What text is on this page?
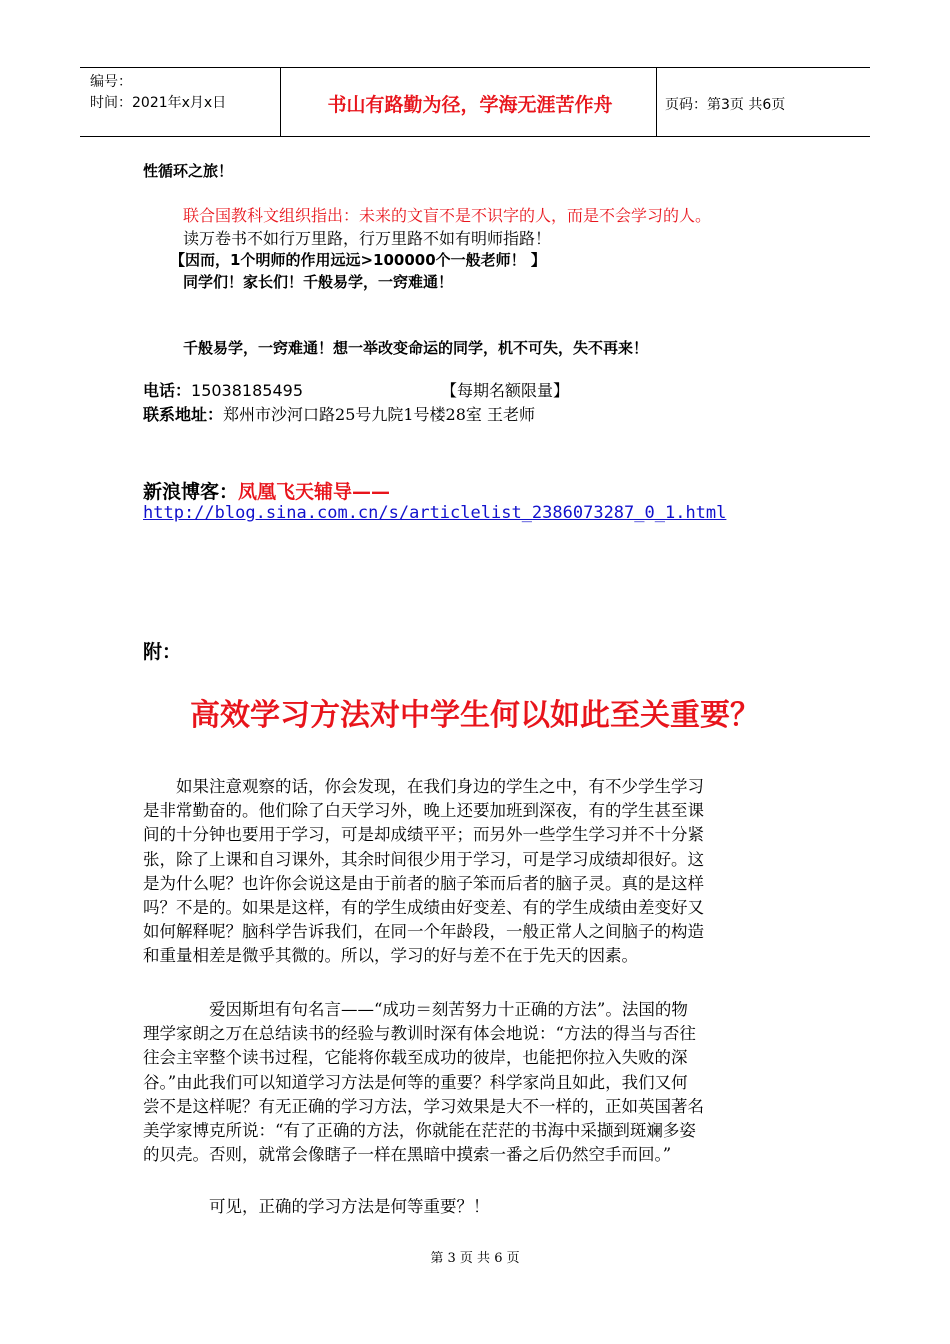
编号：
时间：2021年x月x日	书山有路勤为径，学海无涯苦作舟	页码：第3页 共6页
性循环之旅！
联合国教科文组织指出：未来的文盲不是不识字的人，而是不会学习的人。
读万卷书不如行万里路，行万里路不如有明师指路！
【因而，1个明师的作用远远>100000个一般老师！ 】
同学们！家长们！千般易学，一窍难通！
千般易学，一窍难通！想一举改变命运的同学，机不可失，失不再来！
电话：15038185495	【每期名额限量】
联系地址：郑州市沙河口路25号九院1号楼28室 王老师
新浪博客：凤凰飞天辅导——
http://blog.sina.com.cn/s/articlelist_2386073287_0_1.html
附：
高效学习方法对中学生何以如此至关重要？
　　如果注意观察的话，你会发现，在我们身边的学生之中，有不少学生学习
是非常勤奋的。他们除了白天学习外，晚上还要加班到深夜，有的学生甚至课
间的十分钟也要用于学习，可是却成绩平平；而另外一些学生学习并不十分紧
张，除了上课和自习课外，其余时间很少用于学习，可是学习成绩却很好。这
是为什么呢？也许你会说这是由于前者的脑子笨而后者的脑子灵。真的是这样
吗？不是的。如果是这样，有的学生成绩由好变差、有的学生成绩由差变好又
如何解释呢？脑科学告诉我们，在同一个年龄段，一般正常人之间脑子的构造
和重量相差是微乎其微的。所以，学习的好与差不在于先天的因素。
　　　　爱因斯坦有句名言——“成功＝刻苦努力十正确的方法”。法国的物
理学家朗之万在总结读书的经验与教训时深有体会地说：“方法的得当与否往
往会主宰整个读书过程，它能将你载至成功的彼岸，也能把你拉入失败的深
谷。”由此我们可以知道学习方法是何等的重要？科学家尚且如此，我们又何
尝不是这样呢？有无正确的学习方法，学习效果是大不一样的，正如英国著名
美学家博克所说：“有了正确的方法，你就能在茫茫的书海中采撷到斑斓多姿
的贝壳。否则，就常会像瞎子一样在黑暗中摸索一番之后仍然空手而回。”
　　　　可见，正确的学习方法是何等重要？！
第 3 页 共 6 页
